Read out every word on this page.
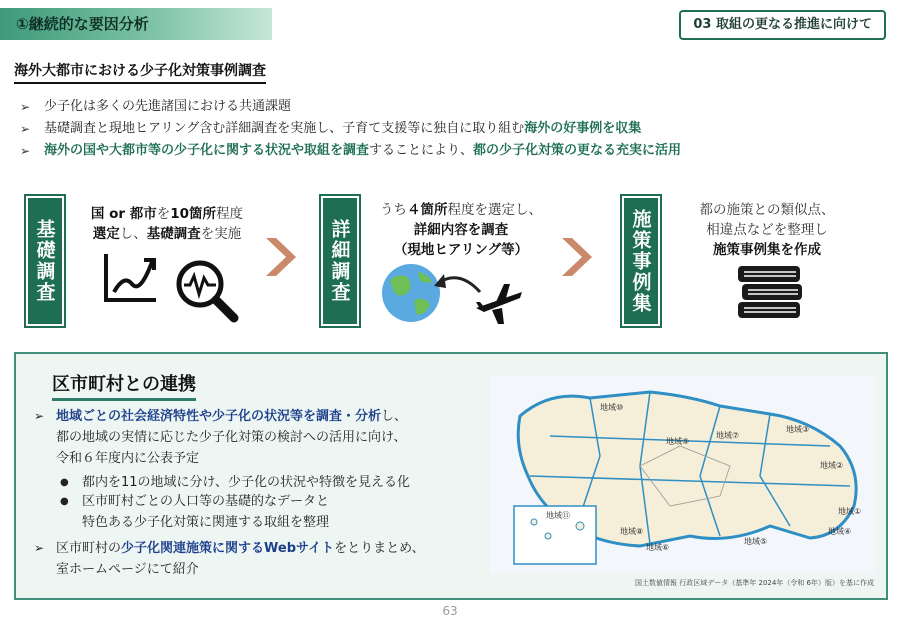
①継続的な要因分析	03 取組の更なる推進に向けて
海外大都市における少子化対策事例調査
➢ 少子化は多くの先進諸国における共通課題
➢ 基礎調査と現地ヒアリング含む詳細調査を実施し、子育て支援等に独自に取り組む海外の好事例を収集
➢ 海外の国や大都市等の少子化に関する状況や取組を調査することにより、都の少子化対策の更なる充実に活用
基礎調査
国 or 都市を10箇所程度
選定し、基礎調査を実施	詳細調査
うち４箇所程度を選定し、
詳細内容を調査
（現地ヒアリング等）	施策事例集	都の施策との類似点、
相違点などを整理し
施策事例集を作成
区市町村との連携
➢ 地域ごとの社会経済特性や少子化の状況等を調査・分析し、
都の地域の実情に応じた少子化対策の検討への活用に向け、
令和６年度内に公表予定
● 都内を11の地域に分け、少子化の状況や特徴を見える化
● 区市町村ごとの人口等の基礎的なデータと
特色ある少子化対策に関連する取組を整理
➢ 区市町村の少子化関連施策に関するWebサイトをとりまとめ、
室ホームページにて紹介
地域⑩
地域⑨
地域⑦
地域③
地域②
地域⑧
地域⑥
地域⑤
地域④
地域①
地域⑪
国土数値情報 行政区域データ（基準年 2024年（令和 6年）版）を基に作成
63
